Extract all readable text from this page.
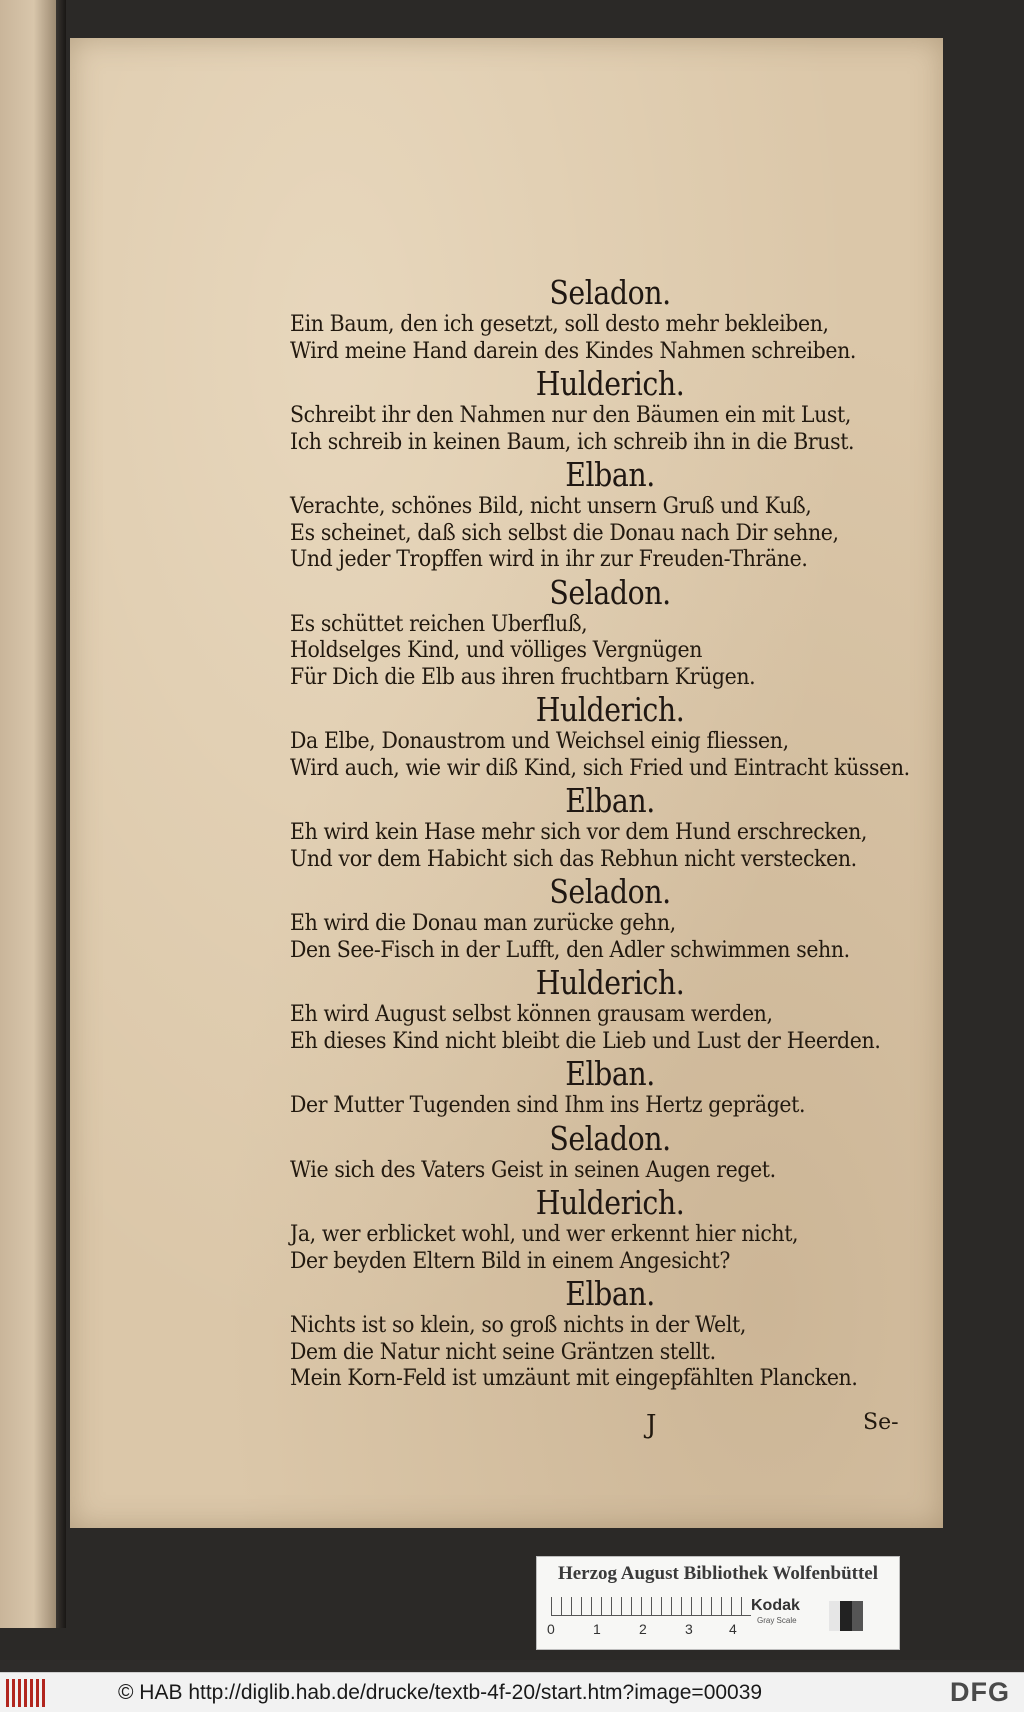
Seladon.
Ein Baum, den ich gesetzt, soll desto mehr bekleiben,
Wird meine Hand darein des Kindes Nahmen schreiben.
Hulderich.
Schreibt ihr den Nahmen nur den Bäumen ein mit Lust,
Ich schreib in keinen Baum, ich schreib ihn in die Brust.
Elban.
Verachte, schönes Bild, nicht unsern Gruß und Kuß,
Es scheinet, daß sich selbst die Donau nach Dir sehne,
Und jeder Tropffen wird in ihr zur Freuden-Thräne.
Seladon.
Es schüttet reichen Uberfluß,
Holdselges Kind, und völliges Vergnügen
Für Dich die Elb aus ihren fruchtbarn Krügen.
Hulderich.
Da Elbe, Donaustrom und Weichsel einig fliessen,
Wird auch, wie wir diß Kind, sich Fried und Eintracht küssen.
Elban.
Eh wird kein Hase mehr sich vor dem Hund erschrecken,
Und vor dem Habicht sich das Rebhun nicht verstecken.
Seladon.
Eh wird die Donau man zurücke gehn,
Den See-Fisch in der Lufft, den Adler schwimmen sehn.
Hulderich.
Eh wird August selbst können grausam werden,
Eh dieses Kind nicht bleibt die Lieb und Lust der Heerden.
Elban.
Der Mutter Tugenden sind Ihm ins Hertz gepräget.
Seladon.
Wie sich des Vaters Geist in seinen Augen reget.
Hulderich.
Ja, wer erblicket wohl, und wer erkennt hier nicht,
Der beyden Eltern Bild in einem Angesicht?
Elban.
Nichts ist so klein, so groß nichts in der Welt,
Dem die Natur nicht seine Gräntzen stellt.
Mein Korn-Feld ist umzäunt mit eingepfählten Plancken.
J	Se-
Herzog August Bibliothek Wolfenbüttel
0	1	2	3	4
Kodak
Gray Scale
© HAB http://diglib.hab.de/drucke/textb-4f-20/start.htm?image=00039	DFG
